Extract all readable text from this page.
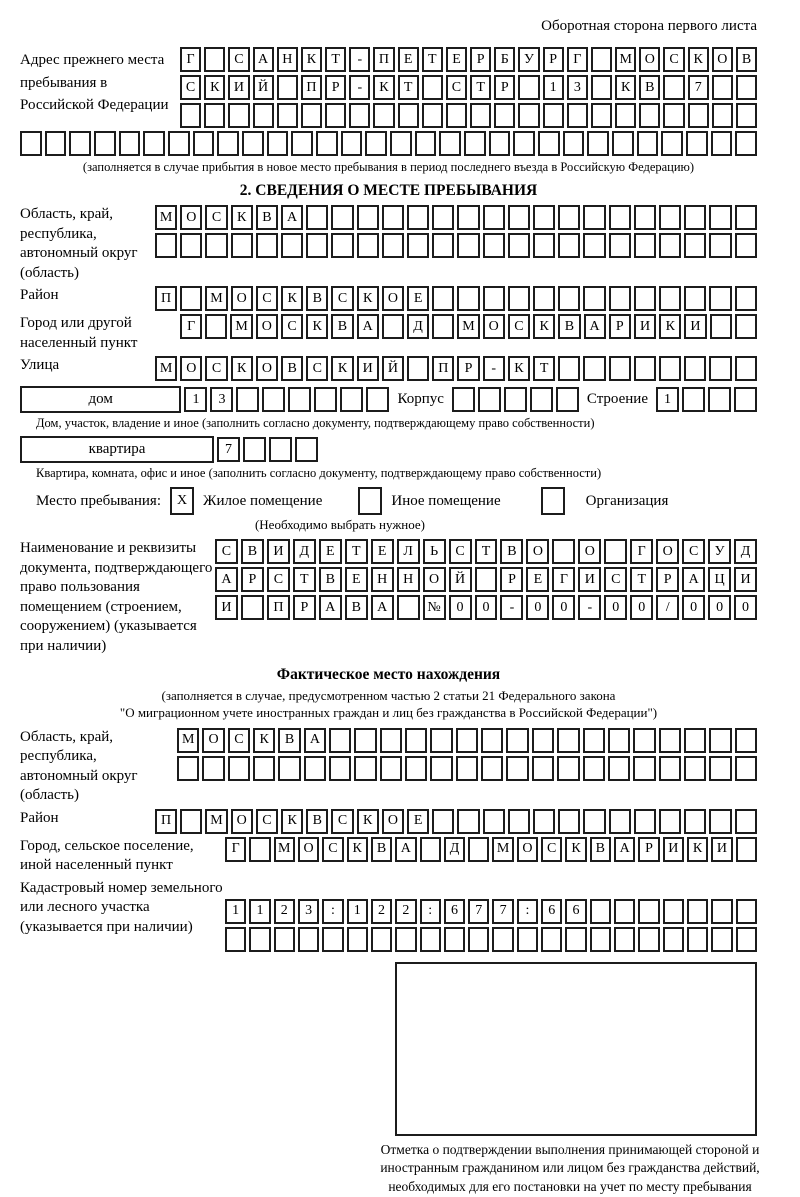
Оборотная сторона первого листа
Адрес прежнего места пребывания в Российской Федерации
Г	С	А	Н	К	Т	-	П	Е	Т	Е	Р	Б	У	Р	Г	М О	С	К	О	В
С	К	И	Й	П	Р	-	К	Т	С	Т	Р	1	3	К	В	7
(заполняется в случае прибытия в новое место пребывания в период последнего въезда в Российскую Федерацию)
2. СВЕДЕНИЯ О МЕСТЕ ПРЕБЫВАНИЯ
Область, край, республика, автономный округ (область)
М О	С	К	В	А
Район	П	М О	С	К	В	С	К	О	Е
Город или другой населенный пункт
Г	М О	С	К	В	А	Д	М О	С	К	В	А	Р	И	К	И
Улица	М О	С	К	О	В	С	К	И	Й	П	Р	-	К	Т
дом	1	3	Корпус	Строение	1
Дом, участок, владение и иное (заполнить согласно документу, подтверждающему право собственности)
квартира	7
Квартира, комната, офис и иное (заполнить согласно документу, подтверждающему право собственности)
Место пребывания:	X	Жилое помещение	Иное помещение	Организация
(Необходимо выбрать нужное)
Наименование и реквизиты документа, подтверждающего право пользования помещением (строением, сооружением) (указывается при наличии)
С	В	И	Д	Е	Т	Е	Л	Ь	С	Т	В	О	О	Г	О	С	У	Д
А	Р	С	Т	В	Е	Н	Н	О	Й	Р	Е	Г	И	С	Т	Р	А	Ц	И
И	П	Р	А	В	А	№	0	0	-	0	0	-	0	0	/	0	0	0
Фактическое место нахождения
(заполняется в случае, предусмотренном частью 2 статьи 21 Федерального закона
"О миграционном учете иностранных граждан и лиц без гражданства в Российской Федерации")
Область, край, республика, автономный округ (область)
М	О	С	К	В	А
Район	П	М О	С	К	В	С	К	О	Е
Город, сельское поселение, иной населенный пункт
Г	М О	С	К	В	А	Д	М О	С	К	В	А	Р	И	К	И
Кадастровый номер земельного или лесного участка (указывается при наличии)
1	1	2	3	:	1	2	2	:	6	7	7	:	6	6
Отметка о подтверждении выполнения принимающей стороной и иностранным гражданином или лицом без гражданства действий, необходимых для его постановки на учет по месту пребывания
